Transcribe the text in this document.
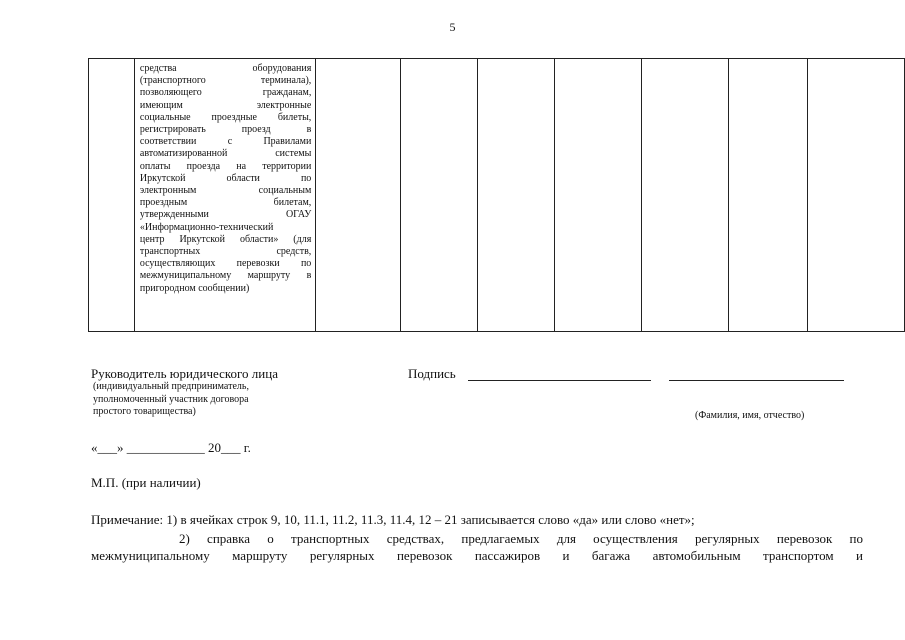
5

средства оборудования
(транспортного терминала),
позволяющего гражданам,
имеющим электронные
социальные проездные билеты,
регистрировать проезд в
соответствии с Правилами
автоматизированной системы
оплаты проезда на территории
Иркутской области по
электронным социальным
проездным билетам,
утвержденными ОГАУ
«Информационно-технический
центр Иркутской области» (для
транспортных средств,
осуществляющих перевозки по
межмуниципальному маршруту в
пригородном сообщении)

Руководитель юридического лица
(индивидуальный предприниматель,
уполномоченный участник договора
простого товарищества)
Подпись
(Фамилия, имя, отчество)
«___» ____________ 20___ г.
М.П. (при наличии)
Примечание: 1) в ячейках строк 9, 10, 11.1, 11.2, 11.3, 11.4, 12 – 21 записывается слово «да» или слово «нет»;
2) справка о транспортных средствах, предлагаемых для осуществления регулярных перевозок по
межмуниципальному маршруту регулярных перевозок пассажиров и багажа автомобильным транспортом и
